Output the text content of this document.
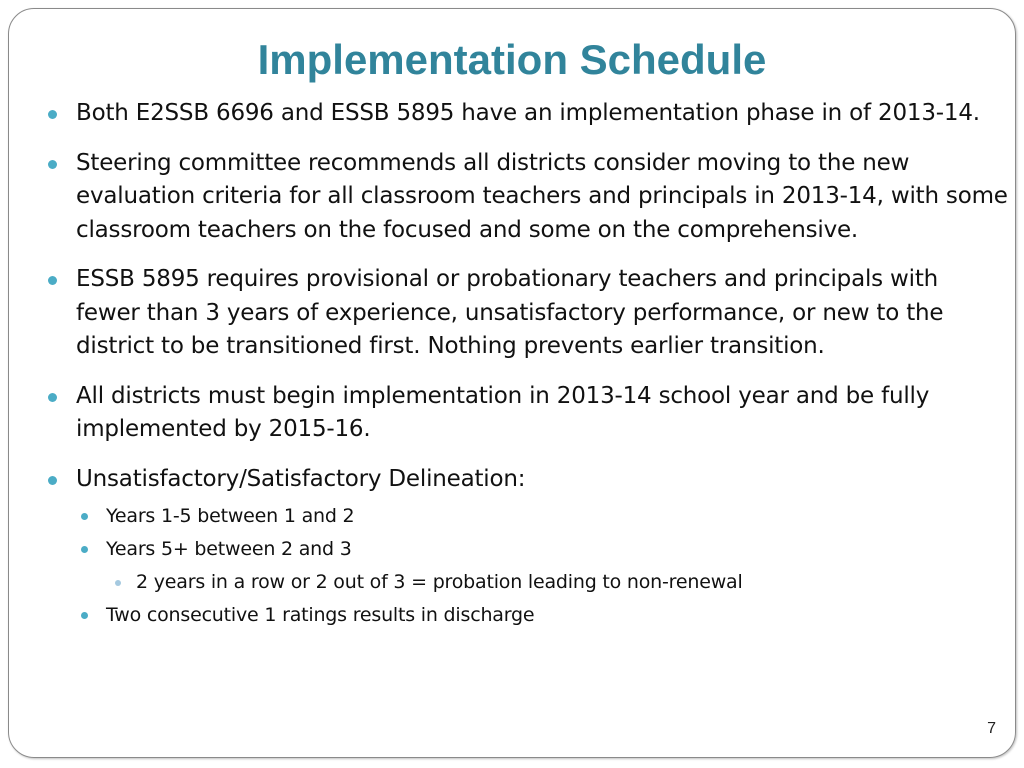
Implementation Schedule
Both E2SSB 6696 and ESSB 5895 have an implementation phase in of 2013-14.
Steering committee recommends all districts consider moving to the new evaluation criteria for all classroom teachers and principals in 2013-14, with some classroom teachers on the focused and some on the comprehensive.
ESSB 5895 requires provisional or probationary teachers and principals with fewer than 3 years of experience, unsatisfactory performance, or new to the district to be transitioned first. Nothing prevents earlier transition.
All districts must begin implementation in 2013-14 school year and be fully implemented by 2015-16.
Unsatisfactory/Satisfactory Delineation:
Years 1-5 between 1 and 2
Years 5+ between 2 and 3
2 years in a row or 2 out of 3 = probation leading to non-renewal
Two consecutive 1 ratings results in discharge
7
